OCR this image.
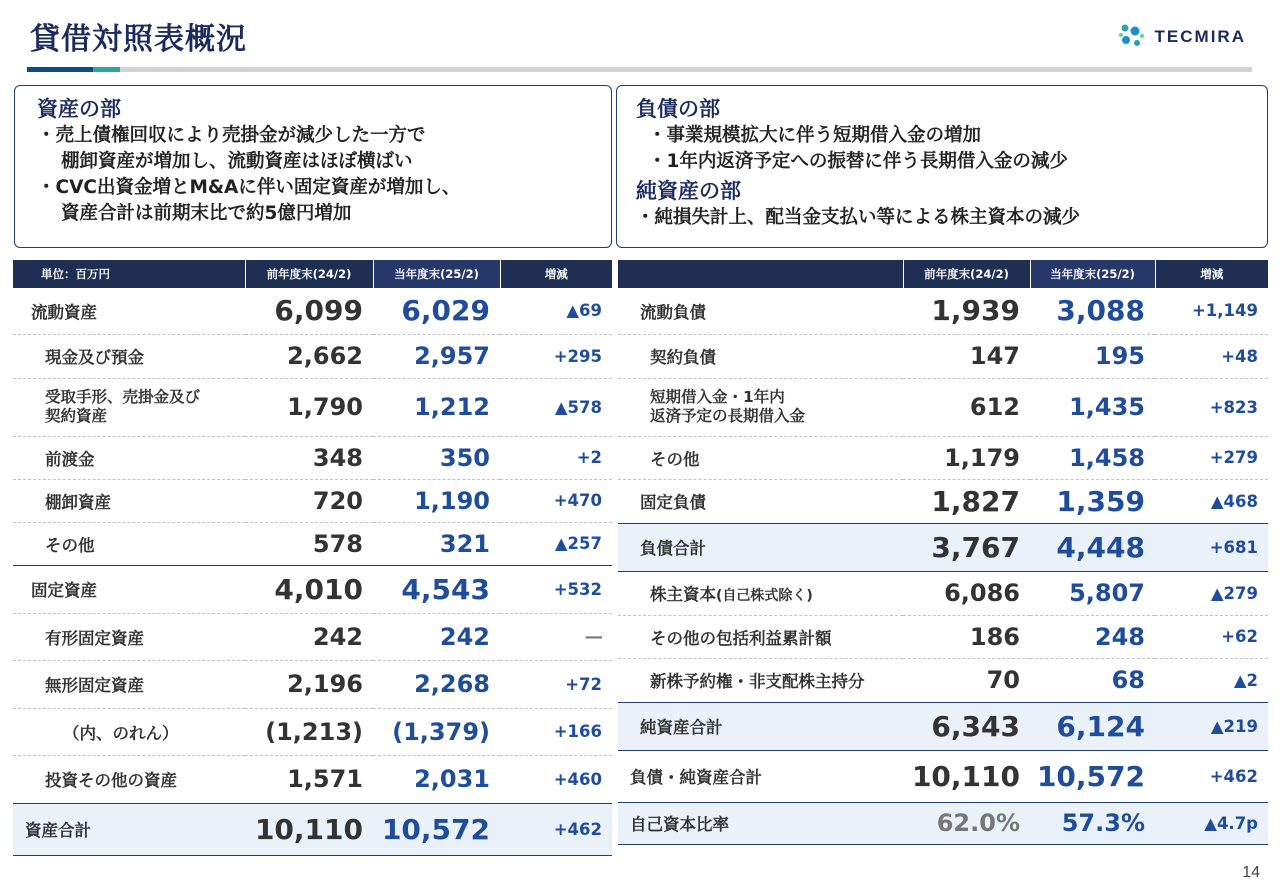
貸借対照表概況	TECMIRA
資産の部
・売上債権回収により売掛金が減少した一方で
棚卸資産が増加し、流動資産はほぼ横ばい
・CVC出資金増とM&Aに伴い固定資産が増加し、
資産合計は前期末比で約5億円増加
負債の部
・事業規模拡大に伴う短期借入金の増加
・1年内返済予定への振替に伴う長期借入金の減少
純資産の部
・純損失計上、配当金支払い等による株主資本の減少
単位：百万円	前年度末(24/2)	当年度末(25/2)	増減
流動資産	6,099	6,029	▲69
現金及び預金	2,662	2,957	+295
受取手形、売掛金及び
契約資産	1,790	1,212	▲578
前渡金	348	350	+2
棚卸資産	720	1,190	+470
その他	578	321	▲257
固定資産	4,010	4,543	+532
有形固定資産	242	242	―
無形固定資産	2,196	2,268	+72
（内、のれん）	(1,213)	(1,379)	+166
投資その他の資産	1,571	2,031	+460
資産合計	10,110	10,572	+462
	前年度末(24/2)	当年度末(25/2)	増減
流動負債	1,939	3,088	+1,149
契約負債	147	195	+48
短期借入金・1年内
返済予定の長期借入金	612	1,435	+823
その他	1,179	1,458	+279
固定負債	1,827	1,359	▲468
負債合計	3,767	4,448	+681
株主資本(自己株式除く)	6,086	5,807	▲279
その他の包括利益累計額	186	248	+62
新株予約権・非支配株主持分	70	68	▲2
純資産合計	6,343	6,124	▲219
負債・純資産合計	10,110	10,572	+462
自己資本比率	62.0%	57.3%	▲4.7p
14
